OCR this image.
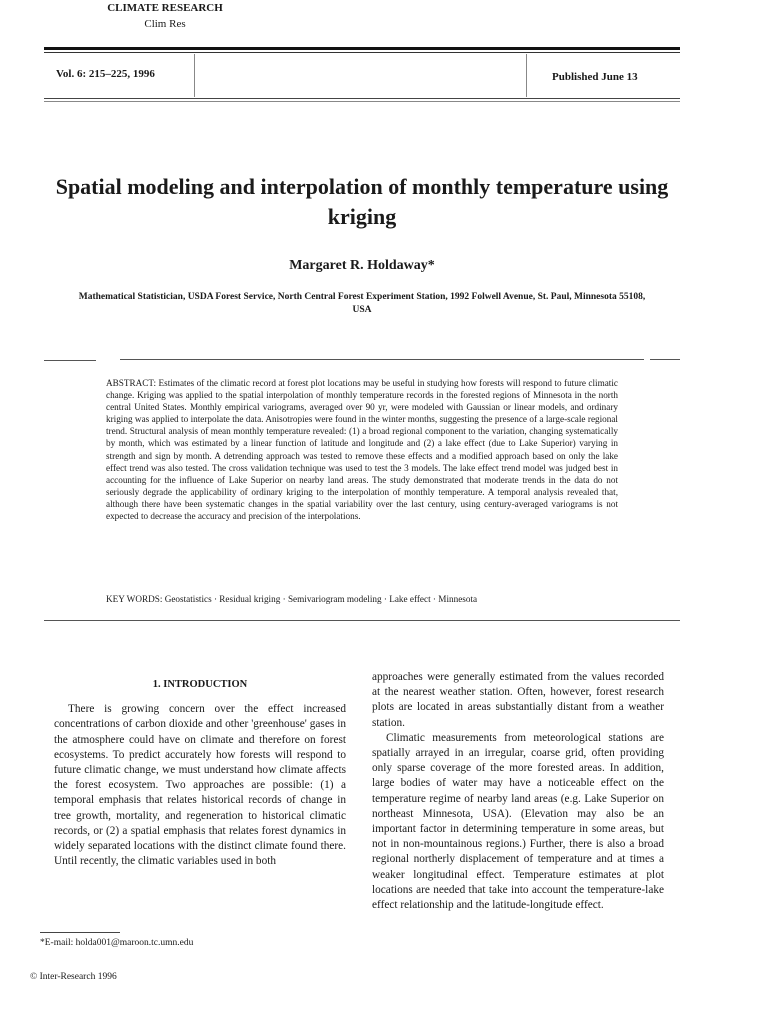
Vol. 6: 215–225, 1996
CLIMATE RESEARCH
Clim Res
Published June 13
Spatial modeling and interpolation of monthly temperature using kriging
Margaret R. Holdaway*
Mathematical Statistician, USDA Forest Service, North Central Forest Experiment Station, 1992 Folwell Avenue, St. Paul, Minnesota 55108, USA
ABSTRACT: Estimates of the climatic record at forest plot locations may be useful in studying how forests will respond to future climatic change. Kriging was applied to the spatial interpolation of monthly temperature records in the forested regions of Minnesota in the north central United States. Monthly empirical variograms, averaged over 90 yr, were modeled with Gaussian or linear models, and ordinary kriging was applied to interpolate the data. Anisotropies were found in the winter months, suggesting the presence of a large-scale regional trend. Structural analysis of mean monthly temperature revealed: (1) a broad regional component to the variation, changing systematically by month, which was estimated by a linear function of latitude and longitude and (2) a lake effect (due to Lake Superior) varying in strength and sign by month. A detrending approach was tested to remove these effects and a modified approach based on only the lake effect trend was also tested. The cross validation technique was used to test the 3 models. The lake effect trend model was judged best in accounting for the influence of Lake Superior on nearby land areas. The study demonstrated that moderate trends in the data do not seriously degrade the applicability of ordinary kriging to the interpolation of monthly temperature. A temporal analysis revealed that, although there have been systematic changes in the spatial variability over the last century, using century-averaged variograms is not expected to decrease the accuracy and precision of the interpolations.
KEY WORDS: Geostatistics · Residual kriging · Semivariogram modeling · Lake effect · Minnesota
1. INTRODUCTION

There is growing concern over the effect increased concentrations of carbon dioxide and other 'greenhouse' gases in the atmosphere could have on climate and therefore on forest ecosystems. To predict accurately how forests will respond to future climatic change, we must understand how climate affects the forest ecosystem. Two approaches are possible: (1) a temporal emphasis that relates historical records of change in tree growth, mortality, and regeneration to historical climatic records, or (2) a spatial emphasis that relates forest dynamics in widely separated locations with the distinct climate found there. Until recently, the climatic variables used in both

approaches were generally estimated from the values recorded at the nearest weather station. Often, however, forest research plots are located in areas substantially distant from a weather station.

Climatic measurements from meteorological stations are spatially arrayed in an irregular, coarse grid, often providing only sparse coverage of the more forested areas. In addition, large bodies of water may have a noticeable effect on the temperature regime of nearby land areas (e.g. Lake Superior on northeast Minnesota, USA). (Elevation may also be an important factor in determining temperature in some areas, but not in non-mountainous regions.) Further, there is also a broad regional northerly displacement of temperature and at times a weaker longitudinal effect. Temperature estimates at plot locations are needed that take into account the temperature-lake effect relationship and the latitude-longitude effect.

*E-mail: holda001@maroon.tc.umn.edu
© Inter-Research 1996
